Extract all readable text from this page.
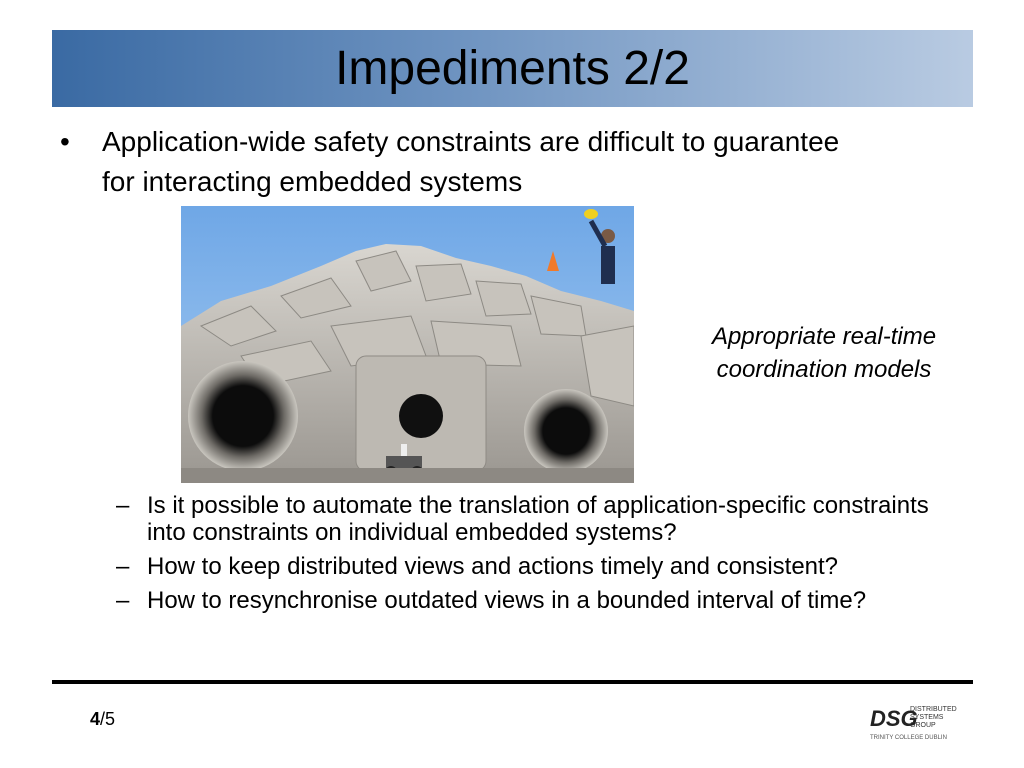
Impediments 2/2
• Application-wide safety constraints are difficult to guarantee for interacting embedded systems
Appropriate real-time
coordination models
– Is it possible to automate the translation of application-specific constraints into constraints on individual embedded systems?
– How to keep distributed views and actions timely and consistent?
– How to resynchronise outdated views in a bounded interval of time?
4/5	DSG
DISTRIBUTED
SYSTEMS
GROUP
TRINITY COLLEGE DUBLIN
